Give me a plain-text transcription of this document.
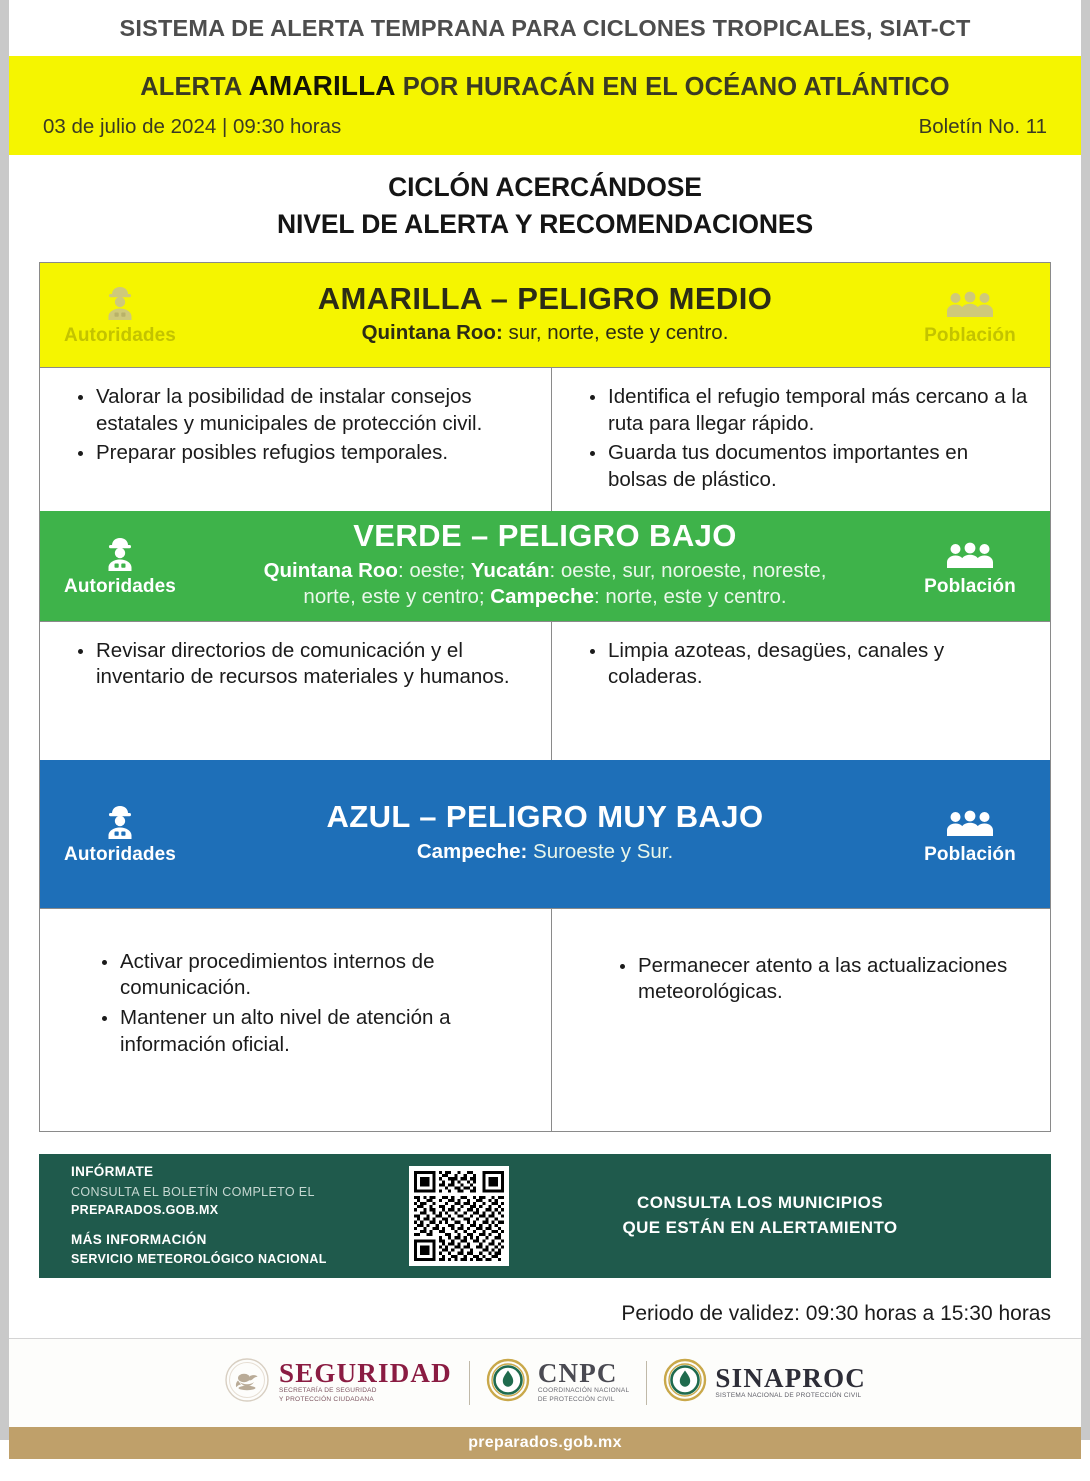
SISTEMA DE ALERTA TEMPRANA PARA CICLONES TROPICALES, SIAT-CT
ALERTA AMARILLA POR HURACÁN EN EL OCÉANO ATLÁNTICO
03 de julio de 2024 | 09:30 horas	Boletín No. 11
CICLÓN ACERCÁNDOSE
NIVEL DE ALERTA Y RECOMENDACIONES
Autoridades
AMARILLA – PELIGRO MEDIO
Quintana Roo: sur, norte, este y centro.	Población
Valorar la posibilidad de instalar consejos estatales y municipales de protección civil.
Preparar posibles refugios temporales.
Identifica el refugio temporal más cercano a la ruta para llegar rápido.
Guarda tus documentos importantes en bolsas de plástico.
Autoridades
VERDE – PELIGRO BAJO
Quintana Roo: oeste; Yucatán: oeste, sur, noroeste, noreste, norte, este y centro; Campeche: norte, este y centro.	Población
Revisar directorios de comunicación y el inventario de recursos materiales y humanos.
Limpia azoteas, desagües, canales y coladeras.
Autoridades
AZUL – PELIGRO MUY BAJO
Campeche: Suroeste y Sur.	Población
Activar procedimientos internos de comunicación.
Mantener un alto nivel de atención a información oficial.
Permanecer atento a las actualizaciones meteorológicas.
INFÓRMATE
CONSULTA EL BOLETÍN COMPLETO EL
PREPARADOS.GOB.MX
MÁS INFORMACIÓN
SERVICIO METEOROLÓGICO NACIONAL
CONSULTA LOS MUNICIPIOS
QUE ESTÁN EN ALERTAMIENTO
Periodo de validez: 09:30 horas a 15:30 horas
SEGURIDAD
SECRETARÍA DE SEGURIDAD
Y PROTECCIÓN CIUDADANA
CNPC
COORDINACIÓN NACIONAL
DE PROTECCIÓN CIVIL
SINAPROC
SISTEMA NACIONAL DE PROTECCIÓN CIVIL
preparados.gob.mx
